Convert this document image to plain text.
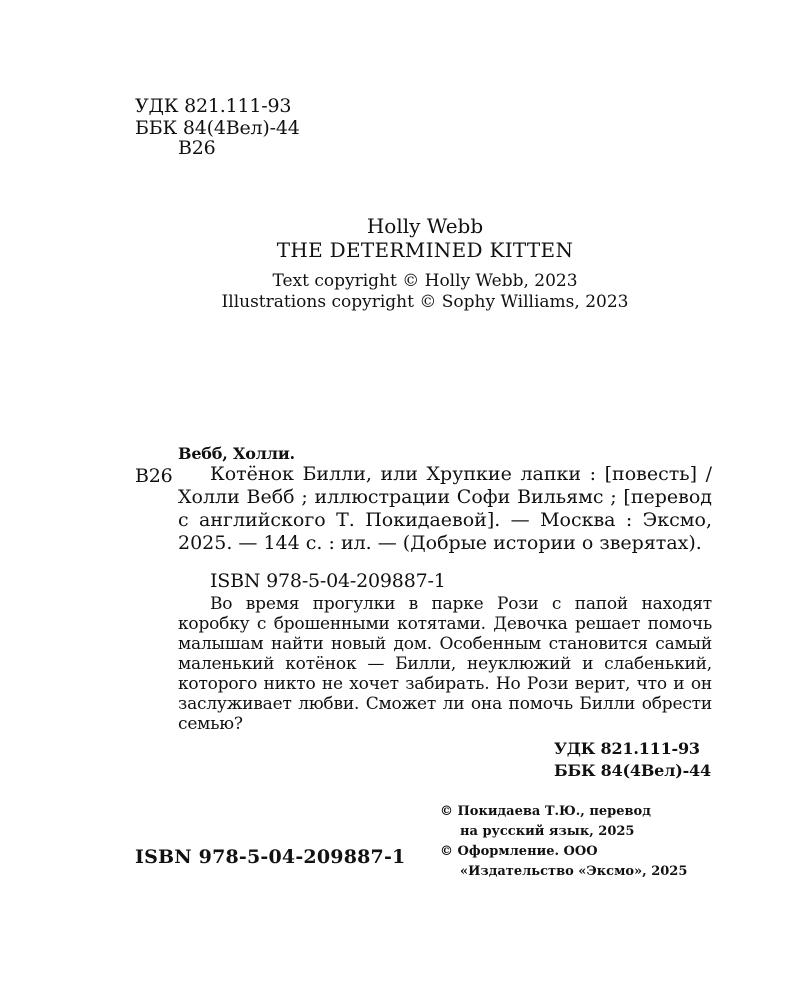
УДК 821.111-93
ББК 84(4Вел)-44
В26
Holly Webb
THE DETERMINED KITTEN
Text copyright © Holly Webb, 2023
Illustrations copyright © Sophy Williams, 2023
Вебб, Холли.
В26	Котёнок Билли, или Хрупкие лапки : [повесть] / Холли Вебб ; иллюстрации Софи Вильямс ; [перевод с английского Т. Покидаевой]. — Москва : Эксмо, 2025. — 144 с. : ил. — (Добрые истории о зверятах).

ISBN 978-5-04-209887-1

Во время прогулки в парке Рози с папой находят коробку с брошенными котятами. Девочка решает помочь малышам найти новый дом. Особенным становится самый маленький котёнок — Билли, неуклюжий и слабенький, которого никто не хочет забирать. Но Рози верит, что и он заслуживает любви. Сможет ли она помочь Билли обрести семью?

УДК 821.111-93
ББК 84(4Вел)-44
© Покидаева Т.Ю., перевод
на русский язык, 2025
© Оформление. ООО
«Издательство «Эксмо», 2025
ISBN 978-5-04-209887-1
